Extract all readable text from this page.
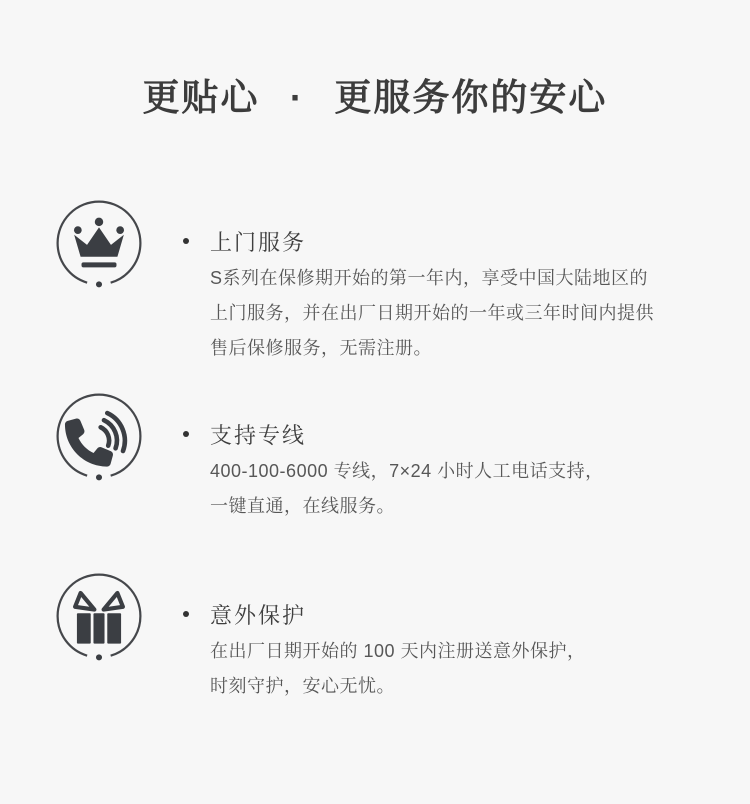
更贴心 · 更服务你的安心
上门服务
S系列在保修期开始的第一年内，享受中国大陆地区的
上门服务，并在出厂日期开始的一年或三年时间内提供
售后保修服务，无需注册。
支持专线
400-100-6000 专线，7×24 小时人工电话支持，
一键直通，在线服务。
意外保护
在出厂日期开始的 100 天内注册送意外保护，
时刻守护，安心无忧。
